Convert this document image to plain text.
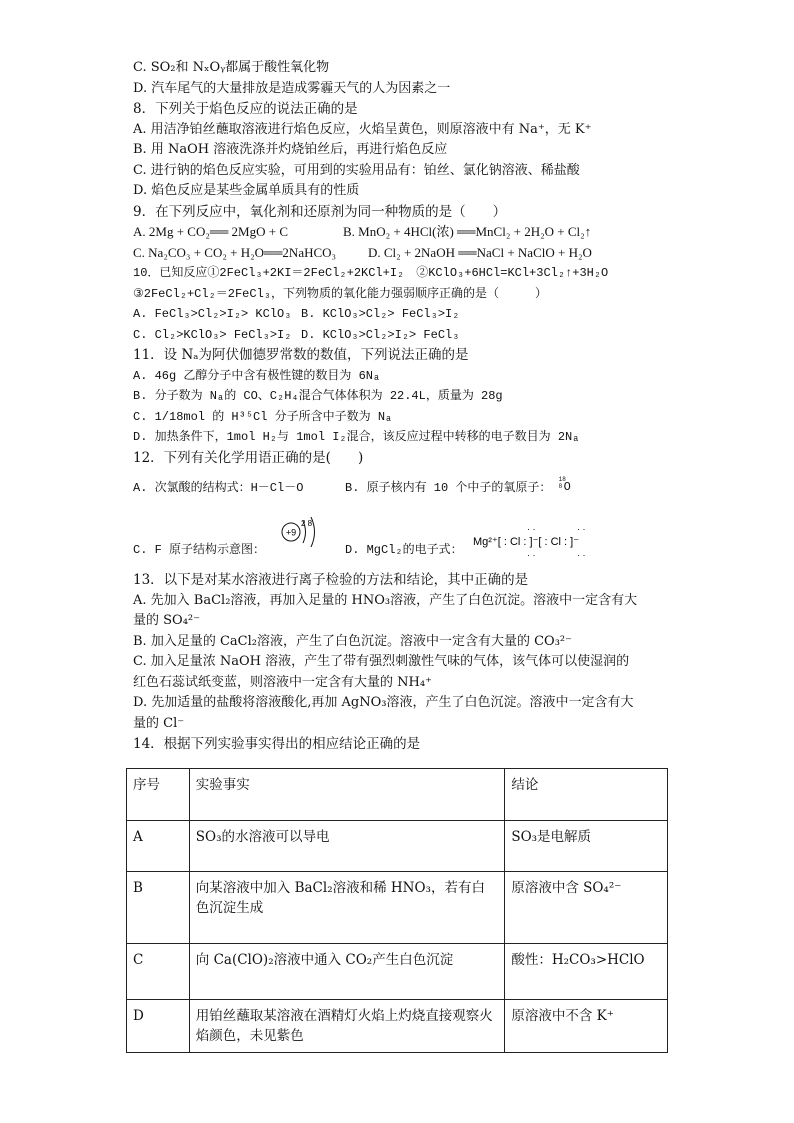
C. SO₂和 NₓOᵧ都属于酸性氧化物
D. 汽车尾气的大量排放是造成雾霾天气的人为因素之一
8．下列关于焰色反应的说法正确的是
A. 用洁净铂丝蘸取溶液进行焰色反应，火焰呈黄色，则原溶液中有 Na⁺，无 K⁺
B. 用 NaOH 溶液洗涤并灼烧铂丝后，再进行焰色反应
C. 进行钠的焰色反应实验，可用到的实验用品有：铂丝、氯化钠溶液、稀盐酸
D. 焰色反应是某些金属单质具有的性质
9．在下列反应中，氧化剂和还原剂为同一种物质的是（　　）
A. 2Mg + CO₂══ 2MgO + C	B. MnO₂ + 4HCl(浓) ══MnCl₂ + 2H₂O + Cl₂↑
C. Na₂CO₃ + CO₂ + H₂O══2NaHCO₃	D. Cl₂ + 2NaOH ══NaCl + NaClO + H₂O
10．已知反应①2FeCl₃+2KI＝2FeCl₂+2KCl+I₂　②KClO₃+6HCl=KCl+3Cl₂↑+3H₂O
③2FeCl₂+Cl₂＝2FeCl₃，下列物质的氧化能力强弱顺序正确的是（　　　）
A. FeCl₃>Cl₂>I₂> KClO₃ B. KClO₃>Cl₂> FeCl₃>I₂
C. Cl₂>KClO₃> FeCl₃>I₂ D. KClO₃>Cl₂>I₂> FeCl₃
11．设 Nₐ为阿伏伽德罗常数的数值，下列说法正确的是
A. 46g 乙醇分子中含有极性键的数目为 6Nₐ
B. 分子数为 Nₐ的 CO、C₂H₄混合气体体积为 22.4L，质量为 28g
C. 1/18mol 的 H³⁵Cl 分子所含中子数为 Nₐ
D. 加热条件下，1mol H₂与 1mol I₂混合，该反应过程中转移的电子数目为 2Nₐ
12．下列有关化学用语正确的是(　　)
A. 次氯酸的结构式：H－Cl－O	B. 原子核内有 10 个中子的氧原子：
18
8 O
+9
2 8
C. F 原子结构示意图：	D. MgCl₂的电子式：
Mg²⁺[ : Cl : ]⁻[ : Cl : ]⁻
· ·
· ·
· ·
· ·
13．以下是对某水溶液进行离子检验的方法和结论，其中正确的是
A. 先加入 BaCl₂溶液，再加入足量的 HNO₃溶液，产生了白色沉淀。溶液中一定含有大
量的 SO₄²⁻
B. 加入足量的 CaCl₂溶液，产生了白色沉淀。溶液中一定含有大量的 CO₃²⁻
C. 加入足量浓 NaOH 溶液，产生了带有强烈刺激性气味的气体，该气体可以使湿润的
红色石蕊试纸变蓝，则溶液中一定含有大量的 NH₄⁺
D. 先加适量的盐酸将溶液酸化,再加 AgNO₃溶液，产生了白色沉淀。溶液中一定含有大
量的 Cl⁻
14．根据下列实验事实得出的相应结论正确的是
序号	实验事实	结论
A	SO₃的水溶液可以导电	SO₃是电解质
B	向某溶液中加入 BaCl₂溶液和稀 HNO₃，若有白色沉淀生成	原溶液中含 SO₄²⁻
C	向 Ca(ClO)₂溶液中通入 CO₂产生白色沉淀	酸性：H₂CO₃>HClO
D	用铂丝蘸取某溶液在酒精灯火焰上灼烧直接观察火焰颜色，未见紫色	原溶液中不含 K⁺
